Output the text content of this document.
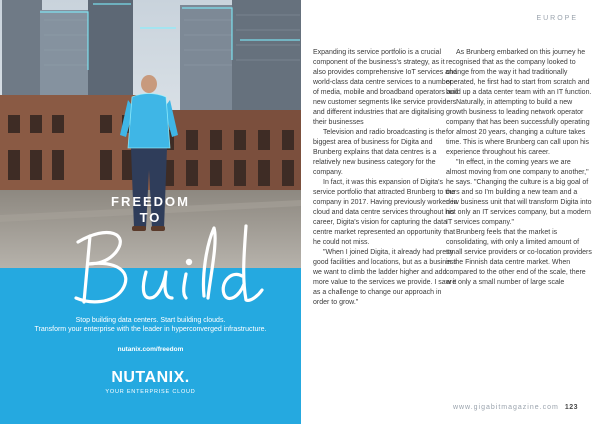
FREEDOM
TO
Stop building data centers. Start building clouds.
Transform your enterprise with the leader in hyperconverged infrastructure.
nutanix.com/freedom
NUTANIX.
YOUR ENTERPRISE CLOUD
EUROPE

Expanding its service portfolio is a crucial component of the business's strategy, as it also provides comprehensive IoT services and world-class data centre services to a number of media, mobile and broadband operators and new customer segments like service providers and different industries that are digitalising their businesses

Television and radio broadcasting is the biggest area of business for Digita and Brunberg explains that data centres is a relatively new business category for the company.

In fact, it was this expansion of Digita's service portfolio that attracted Brunberg to the company in 2017. Having previously worked in cloud and data centre services throughout his career, Digita's vision for capturing the data centre market represented an opportunity that he could not miss.

"When I joined Digita, it already had pretty good facilities and locations, but as a business we want to climb the ladder higher and add more value to the services we provide. I saw it as a challenge to change our approach in order to grow."

As Brunberg embarked on this journey he recognised that as the company looked to change from the way it had traditionally operated, he first had to start from scratch and build up a data center team with an IT function.

Naturally, in attempting to build a new growth business to leading network operator company that has been successfully operating for almost 20 years, changing a culture takes time. This is where Brunberg can call upon his experience throughout his career.

"In effect, in the coming years we are almost moving from one company to another," he says. "Changing the culture is a big goal of ours and so I'm building a new team and a new business unit that will transform Digita into not only an IT services company, but a modern IT services company."

Brunberg feels that the market is consolidating, with only a limited amount of small service providers or co-location providers in the Finnish data centre market. When compared to the other end of the scale, there are only a small number of large scale

www.gigabitmagazine.com 123
